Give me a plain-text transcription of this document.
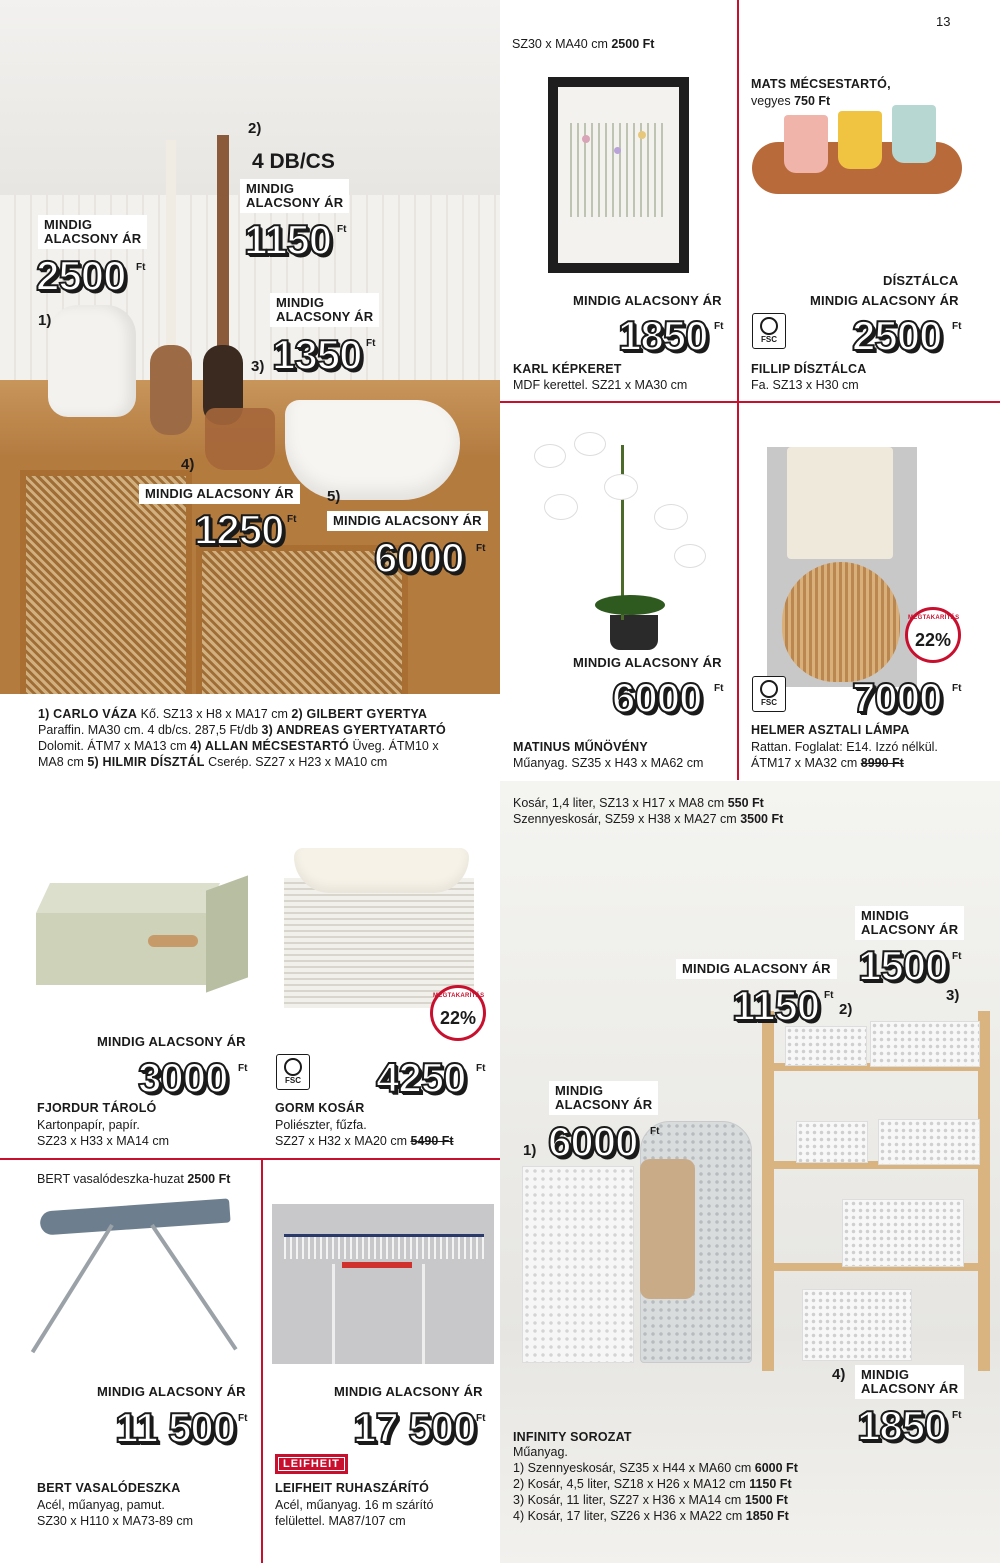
13
MINDIG
ALACSONY ÁR
2500 Ft
1)
2)
4 DB/CS
MINDIG
ALACSONY ÁR
1150 Ft
MINDIG
ALACSONY ÁR
3) 1350 Ft
4)
MINDIG ALACSONY ÁR
1250 Ft
5)
MINDIG ALACSONY ÁR
6000 Ft
1) CARLO VÁZA Kő. SZ13 x H8 x MA17 cm 2) GILBERT GYERTYA Paraffin. MA30 cm. 4 db/cs. 287,5 Ft/db 3) ANDREAS GYERTYATARTÓ Dolomit. ÁTM7 x MA13 cm 4) ALLAN MÉCSESTARTÓ Üveg. ÁTM10 x MA8 cm 5) HILMIR DÍSZTÁL Cserép. SZ27 x H23 x MA10 cm
SZ30 x MA40 cm 2500 Ft
MINDIG ALACSONY ÁR
1850 Ft
KARL KÉPKERET
MDF kerettel. SZ21 x MA30 cm
MATS MÉCSESTARTÓ,
vegyes 750 Ft
DÍSZTÁLCA
MINDIG ALACSONY ÁR
FSC 2500 Ft
FILLIP DÍSZTÁLCA
Fa. SZ13 x H30 cm
MINDIG ALACSONY ÁR
6000 Ft
MATINUS MŰNÖVÉNY
Műanyag. SZ35 x H43 x MA62 cm
MEGTAKARÍTÁS
22%
FSC 7000 Ft
HELMER ASZTALI LÁMPA
Rattan. Foglalat: E14. Izzó nélkül.
ÁTM17 x MA32 cm 8990 Ft
MINDIG ALACSONY ÁR
3000 Ft
FJORDUR TÁROLÓ
Kartonpapír, papír.
SZ23 x H33 x MA14 cm
MEGTAKARÍTÁS
22%
FSC 4250 Ft
GORM KOSÁR
Poliészter, fűzfa.
SZ27 x H32 x MA20 cm 5490 Ft
Kosár, 1,4 liter, SZ13 x H17 x MA8 cm 550 Ft
Szennyeskosár, SZ59 x H38 x MA27 cm 3500 Ft
MINDIG
ALACSONY ÁR
1500 Ft
3)
MINDIG ALACSONY ÁR
1150 Ft
2)
MINDIG
ALACSONY ÁR
1) 6000 Ft
4)	MINDIG
ALACSONY ÁR
1850 Ft
INFINITY SOROZAT
Műanyag.
1) Szennyeskosár, SZ35 x H44 x MA60 cm 6000 Ft
2) Kosár, 4,5 liter, SZ18 x H26 x MA12 cm 1150 Ft
3) Kosár, 11 liter, SZ27 x H36 x MA14 cm 1500 Ft
4) Kosár, 17 liter, SZ26 x H36 x MA22 cm 1850 Ft
BERT vasalódeszka-huzat 2500 Ft
MINDIG ALACSONY ÁR
11 500 Ft
BERT VASALÓDESZKA
Acél, műanyag, pamut.
SZ30 x H110 x MA73-89 cm
MINDIG ALACSONY ÁR
17 500 Ft
LEIFHEIT
LEIFHEIT RUHASZÁRÍTÓ
Acél, műanyag. 16 m szárító
felülettel. MA87/107 cm
